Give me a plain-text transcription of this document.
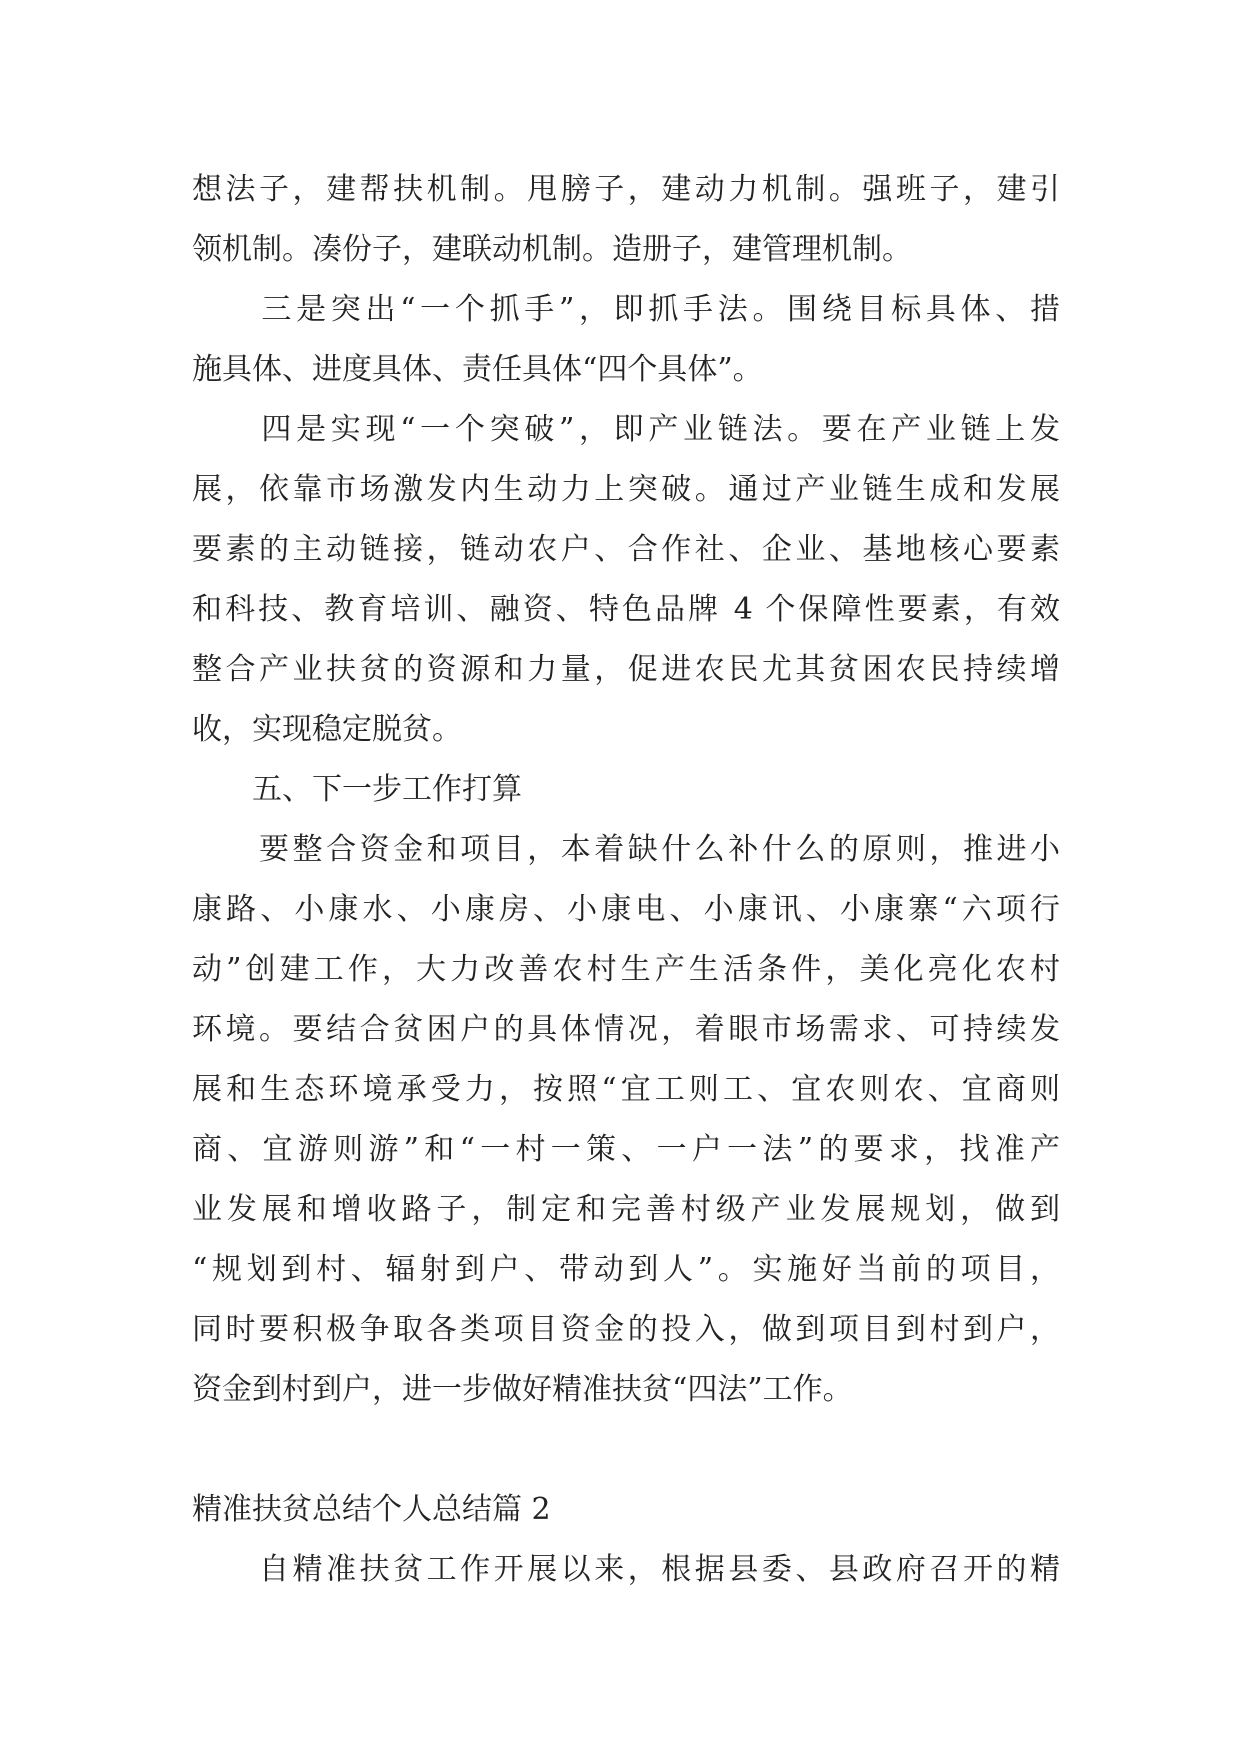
想法子，建帮扶机制。甩膀子，建动力机制。强班子，建引
领机制。凑份子，建联动机制。造册子，建管理机制。
　　三是突出“一个抓手”，即抓手法。围绕目标具体、措
施具体、进度具体、责任具体“四个具体”。
　　四是实现“一个突破”，即产业链法。要在产业链上发
展，依靠市场激发内生动力上突破。通过产业链生成和发展
要素的主动链接，链动农户、合作社、企业、基地核心要素
和科技、教育培训、融资、特色品牌 4 个保障性要素，有效
整合产业扶贫的资源和力量，促进农民尤其贫困农民持续增
收，实现稳定脱贫。
　　五、下一步工作打算
　　要整合资金和项目，本着缺什么补什么的原则，推进小
康路、小康水、小康房、小康电、小康讯、小康寨“六项行
动”创建工作，大力改善农村生产生活条件，美化亮化农村
环境。要结合贫困户的具体情况，着眼市场需求、可持续发
展和生态环境承受力，按照“宜工则工、宜农则农、宜商则
商、宜游则游”和“一村一策、一户一法”的要求，找准产
业发展和增收路子，制定和完善村级产业发展规划，做到
“规划到村、辐射到户、带动到人”。实施好当前的项目，
同时要积极争取各类项目资金的投入，做到项目到村到户，
资金到村到户，进一步做好精准扶贫“四法”工作。
精准扶贫总结个人总结篇 2
　　自精准扶贫工作开展以来，根据县委、县政府召开的精
